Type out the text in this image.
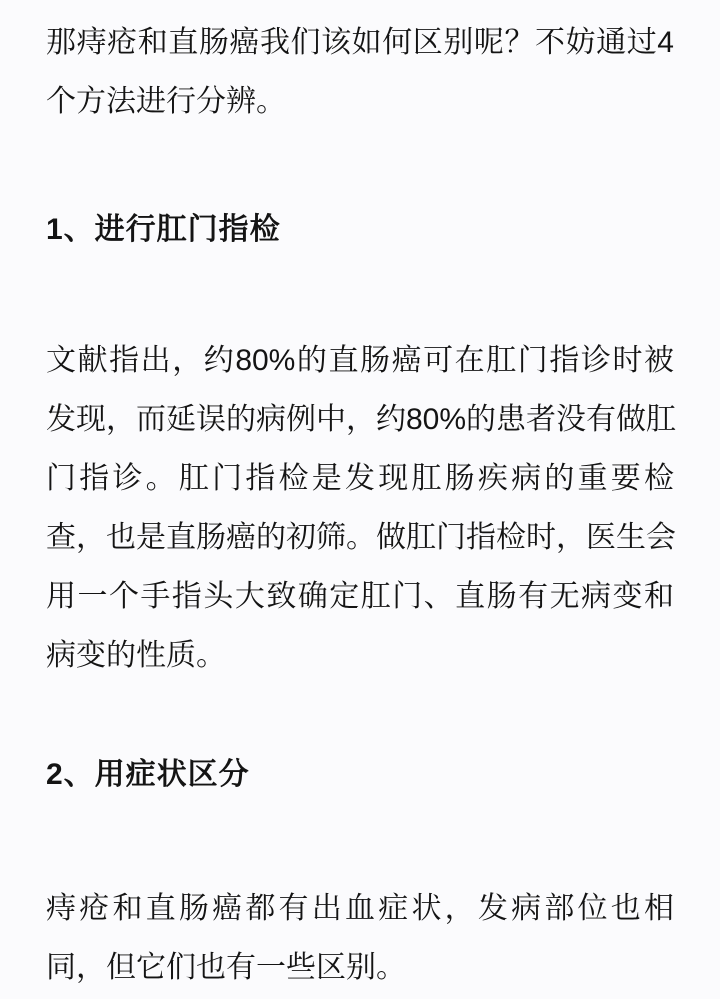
那痔疮和直肠癌我们该如何区别呢？不妨通过4
个方法进行分辨。
1、进行肛门指检
文献指出，约80%的直肠癌可在肛门指诊时被
发现，而延误的病例中，约80%的患者没有做肛
门指诊。肛门指检是发现肛肠疾病的重要检
查，也是直肠癌的初筛。做肛门指检时，医生会
用一个手指头大致确定肛门、直肠有无病变和
病变的性质。
2、用症状区分
痔疮和直肠癌都有出血症状，发病部位也相
同，但它们也有一些区别。
